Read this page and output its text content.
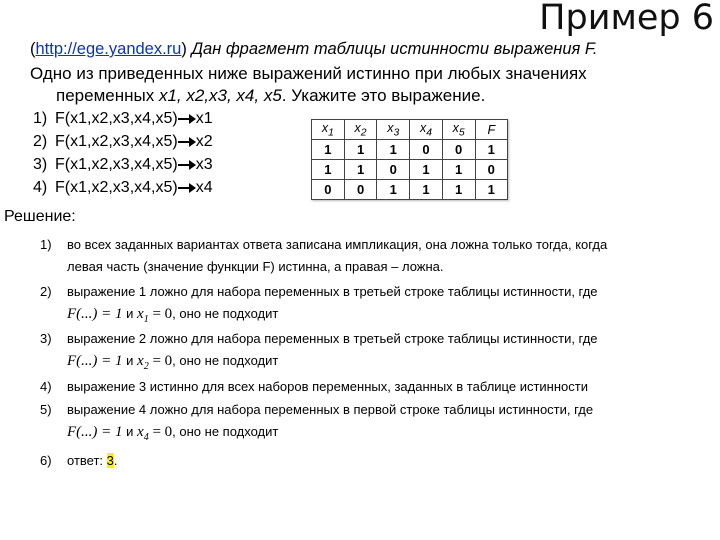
Пример 6
(http://ege.yandex.ru) Дан фрагмент таблицы истинности выражения F.
Одно из приведенных ниже выражений истинно при любых значениях
переменных x1, x2,x3, x4, x5. Укажите это выражение.
1) F(x1,x2,x3,x4,x5) x1
2) F(x1,x2,x3,x4,x5) x2
3) F(x1,x2,x3,x4,x5) x3
4) F(x1,x2,x3,x4,x5) x4
Решение:
$x_1$	$x_2$	$x_3$	$x_4$	$x_5$	F
1	1	1	0	0	1
1	1	0	1	1	0
0	0	1	1	1	1
1)	во всех заданных вариантах ответа записана импликация, она ложна только тогда, когда
левая часть (значение функции F) истинна, а правая – ложна.
2)	выражение 1 ложно для набора переменных в третьей строке таблицы истинности, где
F(...) = 1 и $x_1 = 0$, оно не подходит
3)	выражение 2 ложно для набора переменных в третьей строке таблицы истинности, где
F(...) = 1 и $x_2 = 0$, оно не подходит
4)	выражение 3 истинно для всех наборов переменных, заданных в таблице истинности
5)	выражение 4 ложно для набора переменных в первой строке таблицы истинности, где
F(...) = 1 и $x_4 = 0$, оно не подходит
6)	ответ: 3.
